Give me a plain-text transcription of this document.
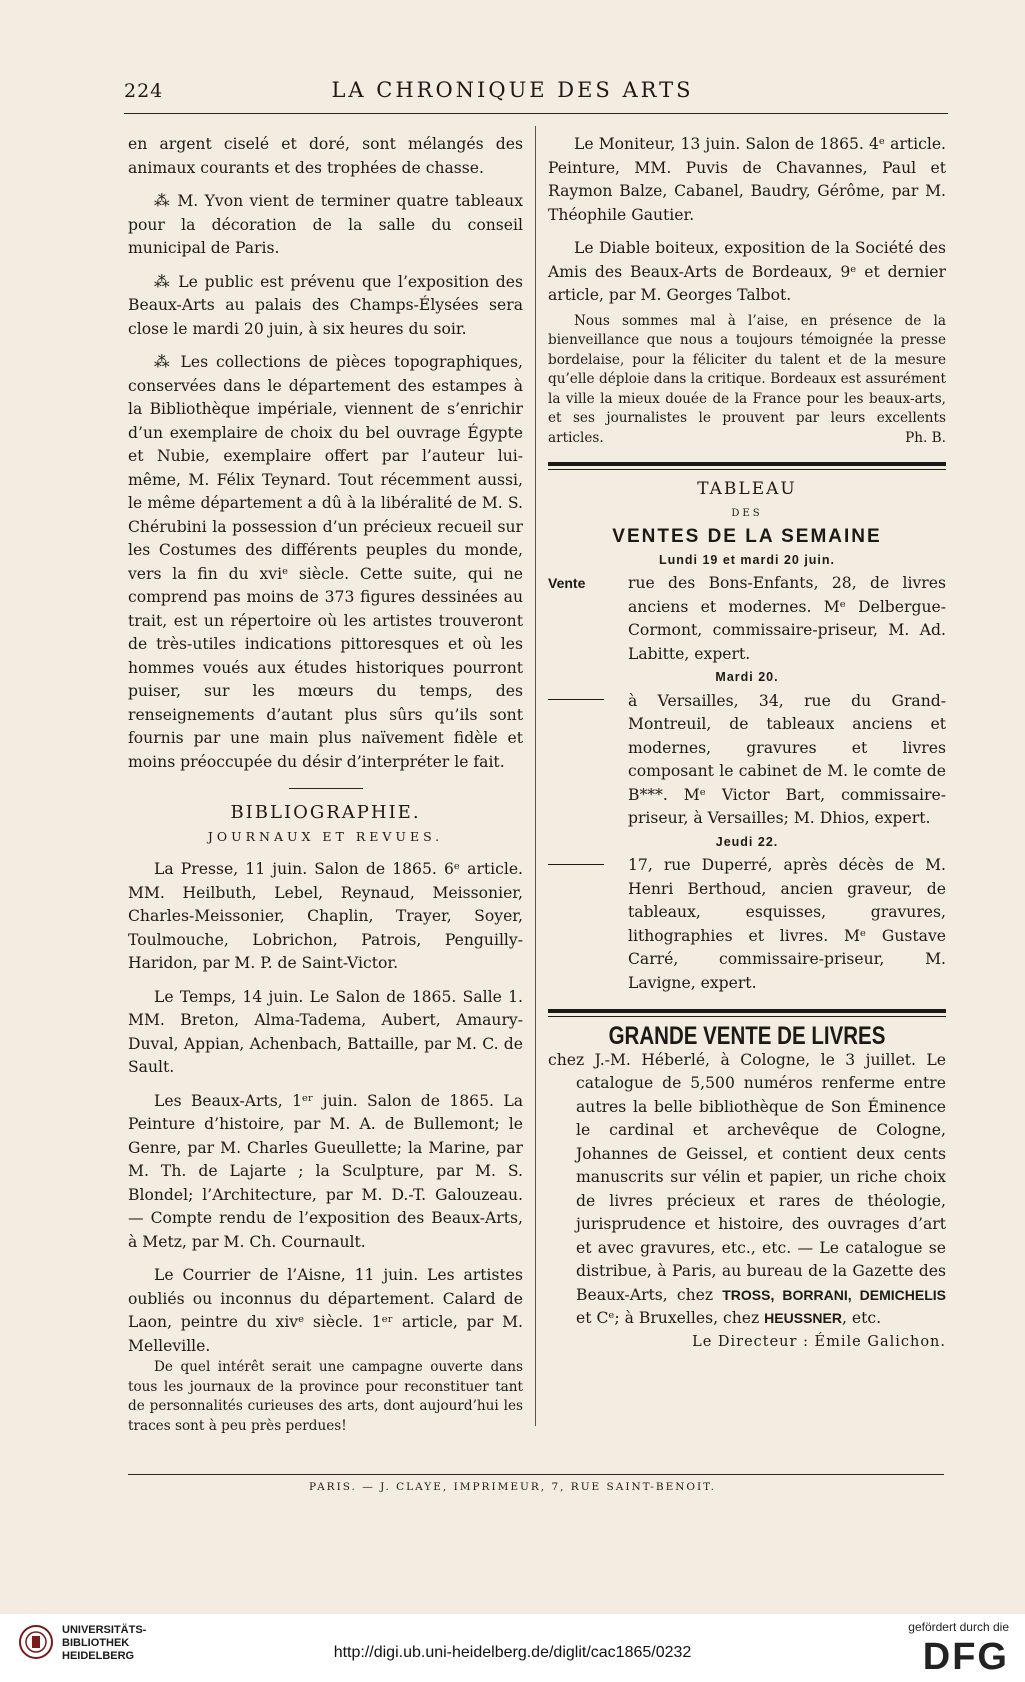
224	LA CHRONIQUE DES ARTS

en argent ciselé et doré, sont mélangés des animaux courants et des trophées de chasse.

⁂ M. Yvon vient de terminer quatre tableaux pour la décoration de la salle du conseil municipal de Paris.

⁂ Le public est prévenu que l’exposition des Beaux-Arts au palais des Champs-Élysées sera close le mardi 20 juin, à six heures du soir.

⁂ Les collections de pièces topographiques, conservées dans le département des estampes à la Bibliothèque impériale, viennent de s’enrichir d’un exemplaire de choix du bel ouvrage Égypte et Nubie, exemplaire offert par l’auteur lui-même, M. Félix Teynard. Tout récemment aussi, le même département a dû à la libéralité de M. S. Chérubini la possession d’un précieux recueil sur les Costumes des différents peuples du monde, vers la fin du xviᵉ siècle. Cette suite, qui ne comprend pas moins de 373 figures dessinées au trait, est un répertoire où les artistes trouveront de très-utiles indications pittoresques et où les hommes voués aux études historiques pourront puiser, sur les mœurs du temps, des renseignements d’autant plus sûrs qu’ils sont fournis par une main plus naïvement fidèle et moins préoccupée du désir d’interpréter le fait.

BIBLIOGRAPHIE.

JOURNAUX ET REVUES.

La Presse, 11 juin. Salon de 1865. 6ᵉ article. MM. Heilbuth, Lebel, Reynaud, Meissonier, Charles-Meissonier, Chaplin, Trayer, Soyer, Toulmouche, Lobrichon, Patrois, Penguilly-Haridon, par M. P. de Saint-Victor.

Le Temps, 14 juin. Le Salon de 1865. Salle 1. MM. Breton, Alma-Tadema, Aubert, Amaury-Duval, Appian, Achenbach, Battaille, par M. C. de Sault.

Les Beaux-Arts, 1ᵉʳ juin. Salon de 1865. La Peinture d’histoire, par M. A. de Bullemont; le Genre, par M. Charles Gueullette; la Marine, par M. Th. de Lajarte ; la Sculpture, par M. S. Blondel; l’Architecture, par M. D.-T. Galouzeau. — Compte rendu de l’exposition des Beaux-Arts, à Metz, par M. Ch. Cournault.

Le Courrier de l’Aisne, 11 juin. Les artistes oubliés ou inconnus du département. Calard de Laon, peintre du xivᵉ siècle. 1ᵉʳ article, par M. Melleville.

De quel intérêt serait une campagne ouverte dans tous les journaux de la province pour reconstituer tant de personnalités curieuses des arts, dont aujourd’hui les traces sont à peu près perdues!

Le Moniteur, 13 juin. Salon de 1865. 4ᵉ article. Peinture, MM. Puvis de Chavannes, Paul et Raymon Balze, Cabanel, Baudry, Gérôme, par M. Théophile Gautier.

Le Diable boiteux, exposition de la Société des Amis des Beaux-Arts de Bordeaux, 9ᵉ et dernier article, par M. Georges Talbot.

Nous sommes mal à l’aise, en présence de la bienveillance que nous a toujours témoignée la presse bordelaise, pour la féliciter du talent et de la mesure qu’elle déploie dans la critique. Bordeaux est assurément la ville la mieux douée de la France pour les beaux-arts, et ses journalistes le prouvent par leurs excellents articles.	Ph. B.

TABLEAU

DES

VENTES DE LA SEMAINE

Lundi 19 et mardi 20 juin.

Vente	rue des Bons-Enfants, 28, de livres anciens et modernes. Mᵉ Delbergue-Cormont, commissaire-priseur, M. Ad. Labitte, expert.

Mardi 20.

à Versailles, 34, rue du Grand-Montreuil, de tableaux anciens et modernes, gravures et livres composant le cabinet de M. le comte de B***. Mᵉ Victor Bart, commissaire-priseur, à Versailles; M. Dhios, expert.

Jeudi 22.

17, rue Duperré, après décès de M. Henri Berthoud, ancien graveur, de tableaux, esquisses, gravures, lithographies et livres. Mᵉ Gustave Carré, commissaire-priseur, M. Lavigne, expert.

GRANDE VENTE DE LIVRES

chez J.-M. Héberlé, à Cologne, le 3 juillet. Le catalogue de 5,500 numéros renferme entre autres la belle bibliothèque de Son Éminence le cardinal et archevêque de Cologne, Johannes de Geissel, et contient deux cents manuscrits sur vélin et papier, un riche choix de livres précieux et rares de théologie, jurisprudence et histoire, des ouvrages d’art et avec gravures, etc., etc. — Le catalogue se distribue, à Paris, au bureau de la Gazette des Beaux-Arts, chez TROSS, BORRANI, DEMICHELIS et Cᵉ; à Bruxelles, chez HEUSSNER, etc.

Le Directeur : Émile Galichon.

PARIS. — J. CLAYE, IMPRIMEUR, 7, RUE SAINT-BENOIT.
UNIVERSITÄTS-
BIBLIOTHEK
HEIDELBERG	http://digi.ub.uni-heidelberg.de/diglit/cac1865/0232
gefördert durch die
DFG
